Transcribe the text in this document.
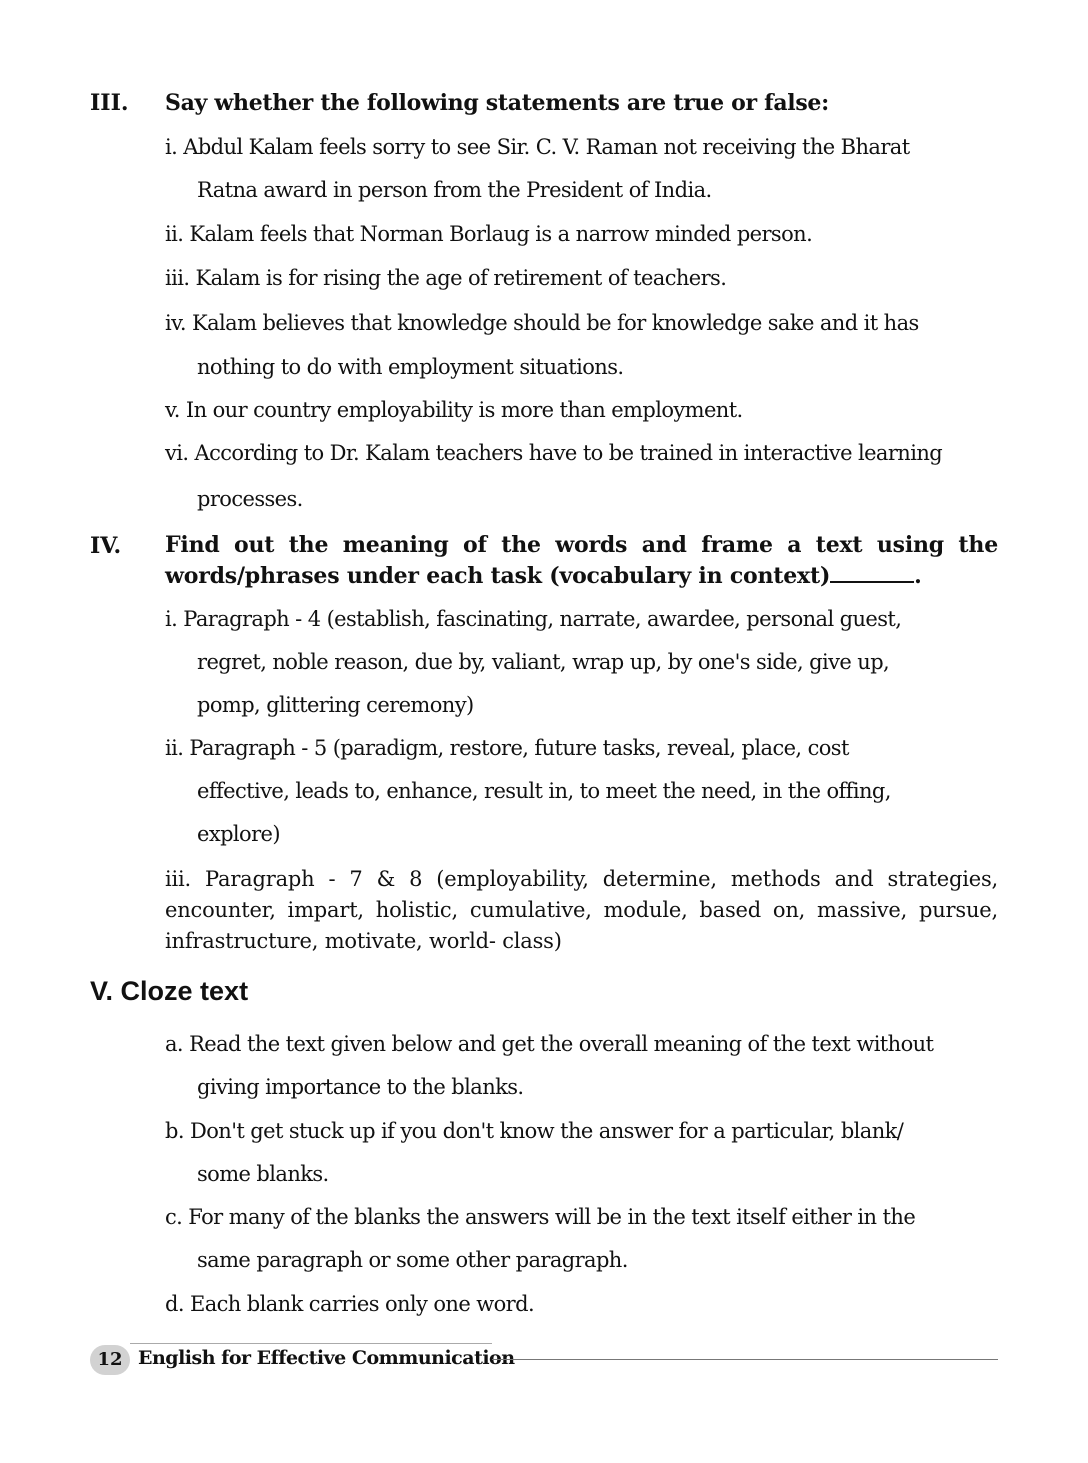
III. Say whether the following statements are true or false:
i. Abdul Kalam feels sorry to see Sir. C. V. Raman not receiving the Bharat
Ratna award in person from the President of India.
ii. Kalam feels that Norman Borlaug is a narrow minded person.
iii. Kalam is for rising the age of retirement of teachers.
iv. Kalam believes that knowledge should be for knowledge sake and it has
nothing to do with employment situations.
v. In our country employability is more than employment.
vi. According to Dr. Kalam teachers have to be trained in interactive learning
processes.
IV. Find out the meaning of the words and frame a text using the words/phrases under each task (vocabulary in context)	.
i. Paragraph - 4 (establish, fascinating, narrate, awardee, personal guest,
regret, noble reason, due by, valiant, wrap up, by one's side, give up,
pomp, glittering ceremony)
ii. Paragraph - 5 (paradigm, restore, future tasks, reveal, place, cost
effective, leads to, enhance, result in, to meet the need, in the offing,
explore)
iii. Paragraph - 7 & 8 (employability, determine, methods and strategies, encounter, impart, holistic, cumulative, module, based on, massive, pursue, infrastructure, motivate, world- class)
V. Cloze text
a. Read the text given below and get the overall meaning of the text without
giving importance to the blanks.
b. Don't get stuck up if you don't know the answer for a particular, blank/
some blanks.
c. For many of the blanks the answers will be in the text itself either in the
same paragraph or some other paragraph.
d. Each blank carries only one word.
12 English for Effective Communication
